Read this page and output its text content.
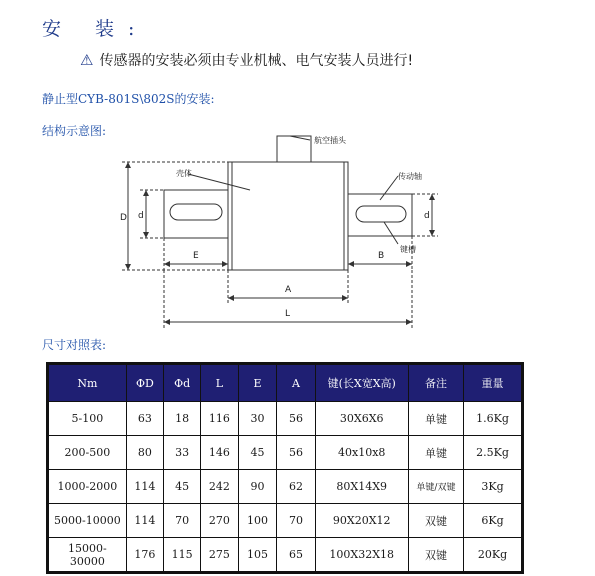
安 装:
⚠ 传感器的安装必须由专业机械、电气安装人员进行!
静止型CYB-801S\802S的安装:
结构示意图:
航空插头
壳体	传动轴
键槽
D d	d
E	B
A
L
尺寸对照表:
Nm	ΦD	Φd	L	E	A	键(长X宽X高)	备注	重量
5-100	63	18	116	30	56	30X6X6	单键	1.6Kg
200-500	80	33	146	45	56	40x10x8	单键	2.5Kg
1000-2000	114	45	242	90	62	80X14X9	单键/双键	3Kg
5000-10000	114	70	270	100	70	90X20X12	双键	6Kg
15000-30000	176	115	275	105	65	100X32X18	双键	20Kg
